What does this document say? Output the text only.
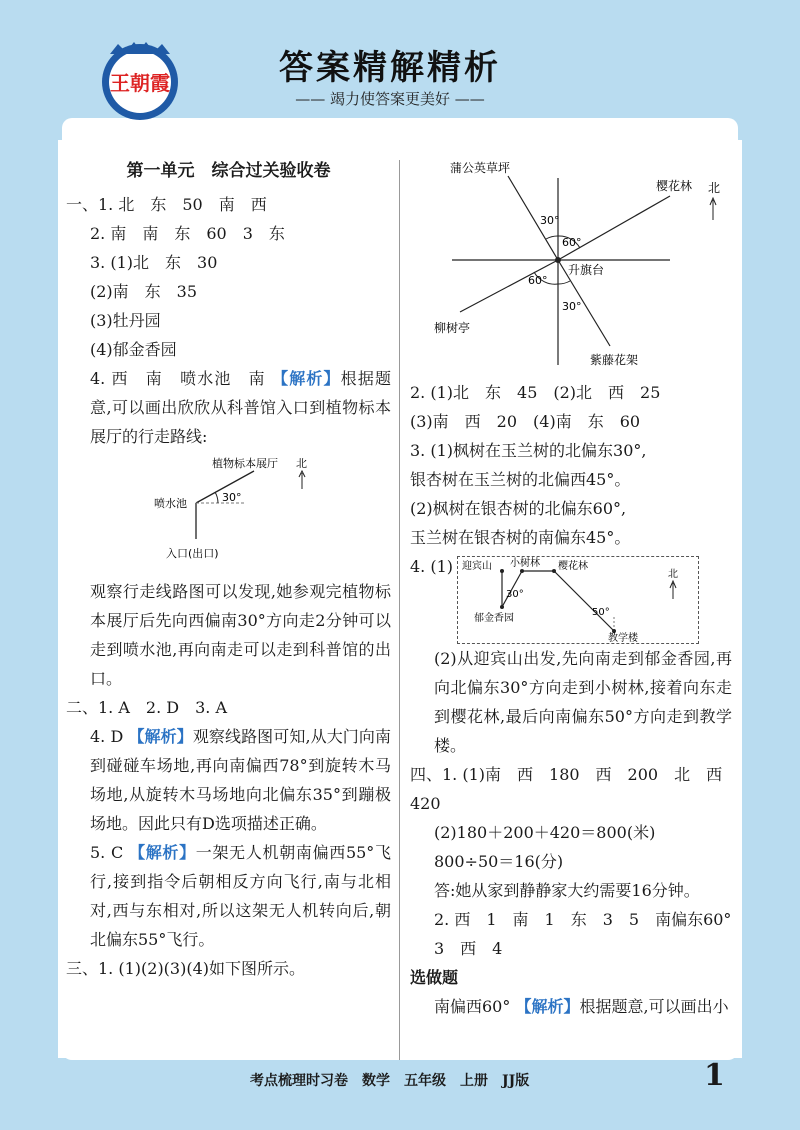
王朝霞	答案精解精析
—— 竭力使答案更美好 ——
第一单元　综合过关验收卷
一、1. 北　东　50　南　西
2. 南　南　东　60　3　东
3. (1)北　东　30
(2)南　东　35
(3)牡丹园
(4)郁金香园
4. 西　南　喷水池　南 【解析】根据题意,可以画出欣欣从科普馆入口到植物标本展厅的行走路线:
30°
植物标本展厅
喷水池
入口(出口)
北
观察行走线路图可以发现,她参观完植物标本展厅后先向西偏南30°方向走2分钟可以走到喷水池,再向南走可以走到科普馆的出口。
二、1. A　2. D　3. A
4. D 【解析】观察线路图可知,从大门向南到碰碰车场地,再向南偏西78°到旋转木马场地,从旋转木马场地向北偏东35°到蹦极场地。因此只有D选项描述正确。
5. C 【解析】一架无人机朝南偏西55°飞行,接到指令后朝相反方向飞行,南与北相对,西与东相对,所以这架无人机转向后,朝北偏东55°飞行。
三、1. (1)(2)(3)(4)如下图所示。
蒲公英草坪
樱花林
升旗台
柳树亭
紫藤花架
北
30°
60°
60°
30°
2. (1)北　东　45　(2)北　西　25
(3)南　西　20　(4)南　东　60
3. (1)枫树在玉兰树的北偏东30°,
银杏树在玉兰树的北偏西45°。
(2)枫树在银杏树的北偏东60°,
玉兰树在银杏树的南偏东45°。
4. (1) 迎宾山 小树林 樱花林
郁金香园
教学楼
北
30°
50°
(2)从迎宾山出发,先向南走到郁金香园,再向北偏东30°方向走到小树林,接着向东走到樱花林,最后向南偏东50°方向走到教学楼。
四、1. (1)南　西　180　西　200　北　西　420
(2)180＋200＋420＝800(米)
800÷50＝16(分)
答:她从家到静静家大约需要16分钟。
2. 西　1　南　1　东　3　5　南偏东60°
3　西　4
选做题
南偏西60° 【解析】根据题意,可以画出小
考点梳理时习卷　数学　五年级　上册　JJ版	1
